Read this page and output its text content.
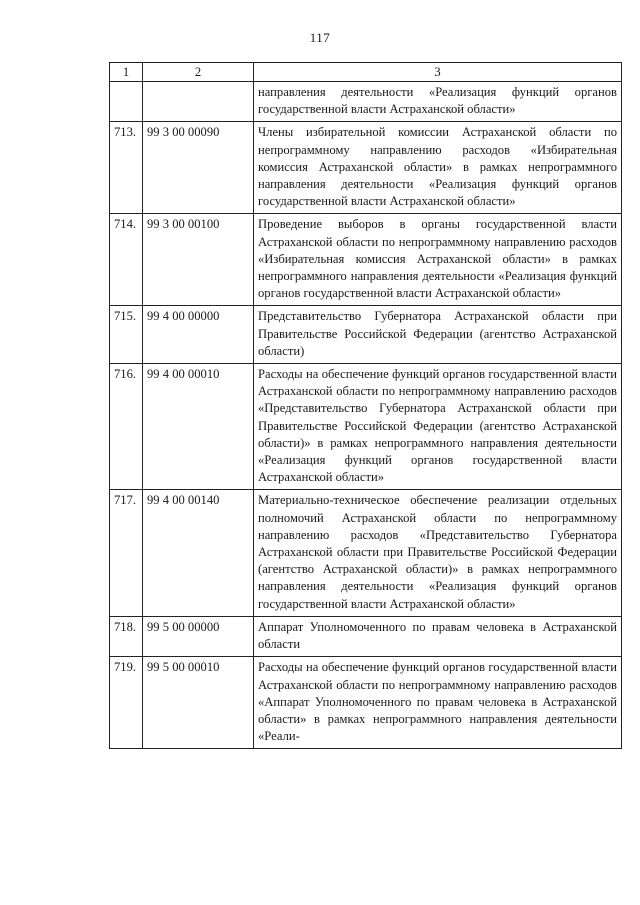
117
1	2	3
		направления деятельности «Реализация функций органов государственной власти Астраханской области»
713.	99 3 00 00090	Члены избирательной комиссии Астраханской области по непрограммному направлению расходов «Избирательная комиссия Астраханской области» в рамках непрограммного направления деятельности «Реализация функций органов государственной власти Астраханской области»
714.	99 3 00 00100	Проведение выборов в органы государственной власти Астраханской области по непрограммному направлению расходов «Избирательная комиссия Астраханской области» в рамках непрограммного направления деятельности «Реализация функций органов государственной власти Астраханской области»
715.	99 4 00 00000	Представительство Губернатора Астраханской области при Правительстве Российской Федерации (агентство Астраханской области)
716.	99 4 00 00010	Расходы на обеспечение функций органов государственной власти Астраханской области по непрограммному направлению расходов «Представительство Губернатора Астраханской области при Правительстве Российской Федерации (агентство Астраханской области)» в рамках непрограммного направления деятельности «Реализация функций органов государственной власти Астраханской области»
717.	99 4 00 00140	Материально-техническое обеспечение реализации отдельных полномочий Астраханской области по непрограммному направлению расходов «Представительство Губернатора Астраханской области при Правительстве Российской Федерации (агентство Астраханской области)» в рамках непрограммного направления деятельности «Реализация функций органов государственной власти Астраханской области»
718.	99 5 00 00000	Аппарат Уполномоченного по правам человека в Астраханской области
719.	99 5 00 00010	Расходы на обеспечение функций органов государственной власти Астраханской области по непрограммному направлению расходов «Аппарат Уполномоченного по правам человека в Астраханской области» в рамках непрограммного направления деятельности «Реали-
